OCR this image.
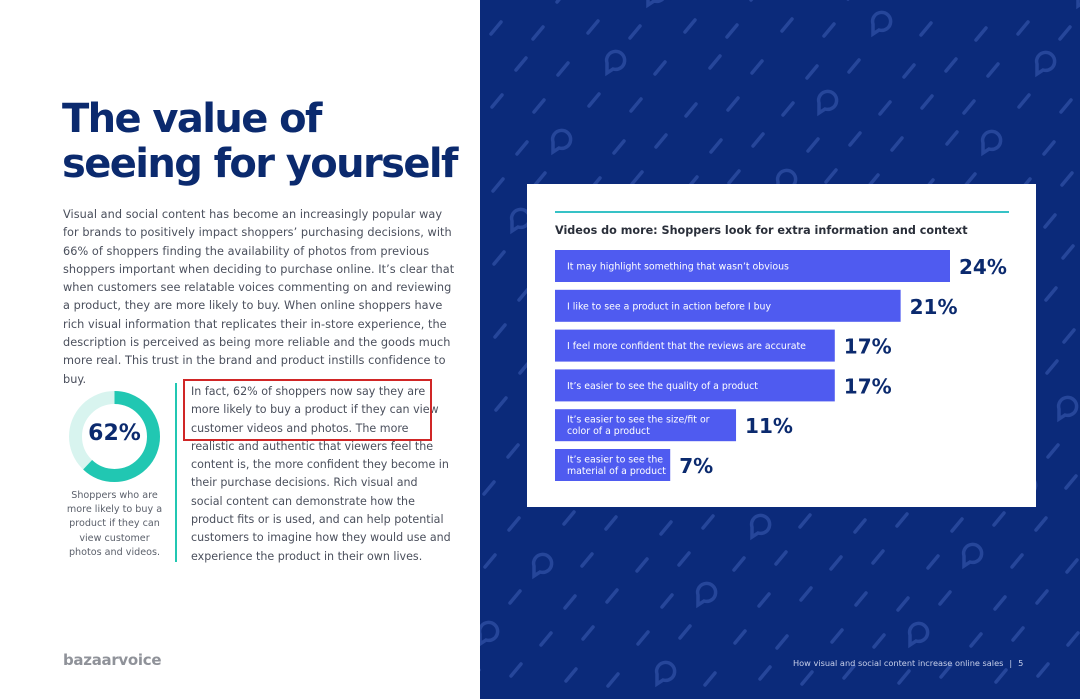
The value of
seeing for yourself

Visual and social content has become an increasingly popular way for brands to positively impact shoppers’ purchasing decisions, with 66% of shoppers finding the availability of photos from previous shoppers important when deciding to purchase online. It’s clear that when customers see relatable voices commenting on and reviewing a product, they are more likely to buy. When online shoppers have rich visual information that replicates their in-store experience, the description is perceived as being more reliable and the goods much more real. This trust in the brand and product instills confidence to buy.

62%
Shoppers who are more likely to buy a product if they can view customer photos and videos.

In fact, 62% of shoppers now say they are more likely to buy a product if they can view customer videos and photos. The more realistic and authentic that viewers feel the content is, the more confident they become in their purchase decisions. Rich visual and social content can demonstrate how the product fits or is used, and can help potential customers to imagine how they would use and experience the product in their own lives.

bazaarvoice
Videos do more: Shoppers look for extra information and context
It may highlight something that wasn’t obvious	24%
I like to see a product in action before I buy	21%
I feel more confident that the reviews are accurate 17%
It’s easier to see the quality of a product	17%
It’s easier to see the size/fit or color of a product	11%
It’s easier to see the material of a product 7%
How visual and social content increase online sales | 5
